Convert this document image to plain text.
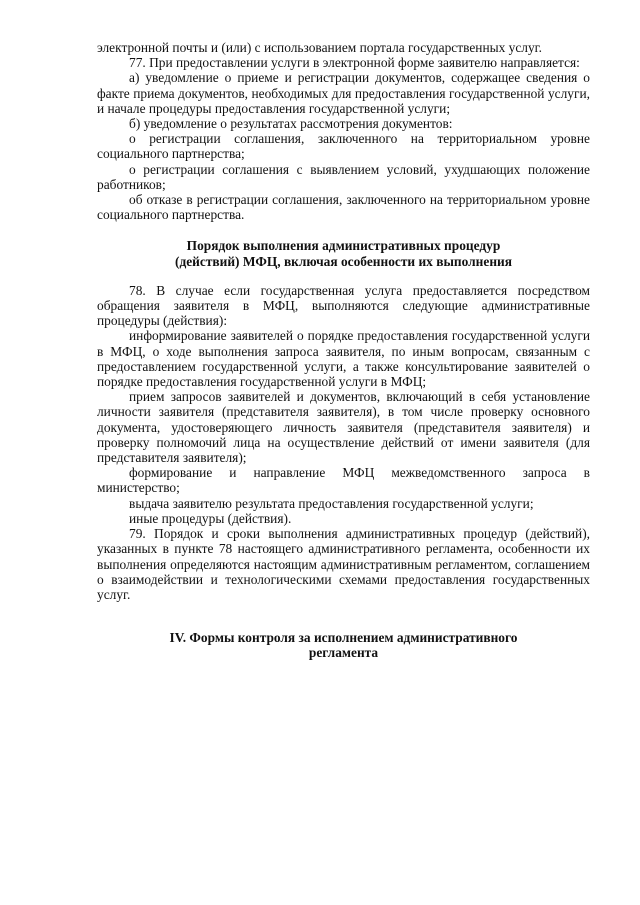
электронной почты и (или) с использованием портала государственных услуг.

77. При предоставлении услуги в электронной форме заявителю направляется:

а) уведомление о приеме и регистрации документов, содержащее сведения о факте приема документов, необходимых для предоставления государственной услуги, и начале процедуры предоставления государственной услуги;

б) уведомление о результатах рассмотрения документов:

о регистрации соглашения, заключенного на территориальном уровне социального партнерства;

о регистрации соглашения с выявлением условий, ухудшающих положение работников;

об отказе в регистрации соглашения, заключенного на территориальном уровне социального партнерства.

Порядок выполнения административных процедур
(действий) МФЦ, включая особенности их выполнения

78. В случае если государственная услуга предоставляется посредством обращения заявителя в МФЦ, выполняются следующие административные процедуры (действия):

информирование заявителей о порядке предоставления государственной услуги в МФЦ, о ходе выполнения запроса заявителя, по иным вопросам, связанным с предоставлением государственной услуги, а также консультирование заявителей о порядке предоставления государственной услуги в МФЦ;

прием запросов заявителей и документов, включающий в себя установление личности заявителя (представителя заявителя), в том числе проверку основного документа, удостоверяющего личность заявителя (представителя заявителя) и проверку полномочий лица на осуществление действий от имени заявителя (для представителя заявителя);

формирование и направление МФЦ межведомственного запроса в министерство;

выдача заявителю результата предоставления государственной услуги;

иные процедуры (действия).

79. Порядок и сроки выполнения административных процедур (действий), указанных в пункте 78 настоящего административного регламента, особенности их выполнения определяются настоящим административным регламентом, соглашением о взаимодействии и технологическими схемами предоставления государственных услуг.

IV. Формы контроля за исполнением административного
регламента
